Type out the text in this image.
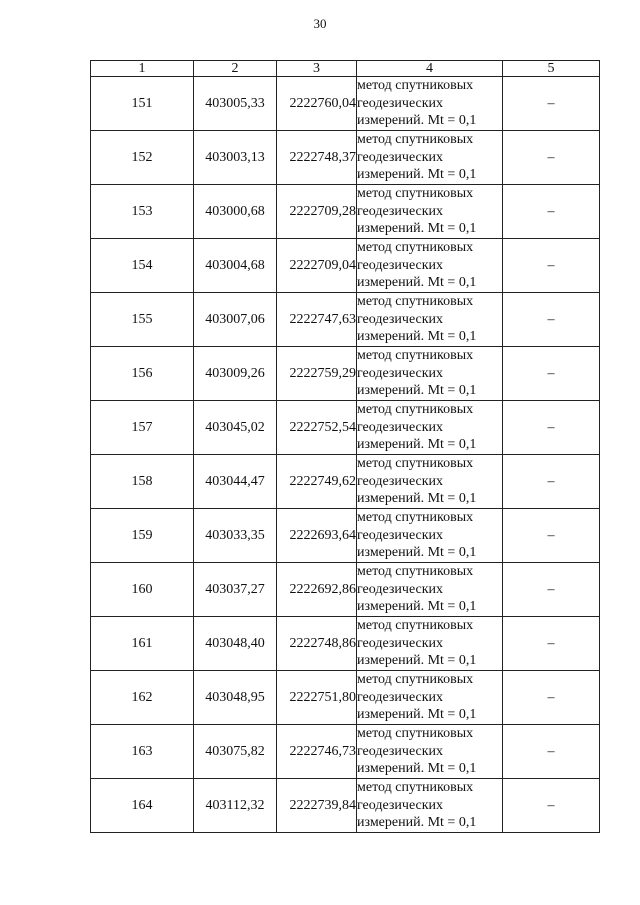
30
1	2	3	4	5
151	403005,33	2222760,04	метод спутниковых
геодезических
измерений. Mt = 0,1	–
152	403003,13	2222748,37	метод спутниковых
геодезических
измерений. Mt = 0,1	–
153	403000,68	2222709,28	метод спутниковых
геодезических
измерений. Mt = 0,1	–
154	403004,68	2222709,04	метод спутниковых
геодезических
измерений. Mt = 0,1	–
155	403007,06	2222747,63	метод спутниковых
геодезических
измерений. Mt = 0,1	–
156	403009,26	2222759,29	метод спутниковых
геодезических
измерений. Mt = 0,1	–
157	403045,02	2222752,54	метод спутниковых
геодезических
измерений. Mt = 0,1	–
158	403044,47	2222749,62	метод спутниковых
геодезических
измерений. Mt = 0,1	–
159	403033,35	2222693,64	метод спутниковых
геодезических
измерений. Mt = 0,1	–
160	403037,27	2222692,86	метод спутниковых
геодезических
измерений. Mt = 0,1	–
161	403048,40	2222748,86	метод спутниковых
геодезических
измерений. Mt = 0,1	–
162	403048,95	2222751,80	метод спутниковых
геодезических
измерений. Mt = 0,1	–
163	403075,82	2222746,73	метод спутниковых
геодезических
измерений. Mt = 0,1	–
164	403112,32	2222739,84	метод спутниковых
геодезических
измерений. Mt = 0,1	–
